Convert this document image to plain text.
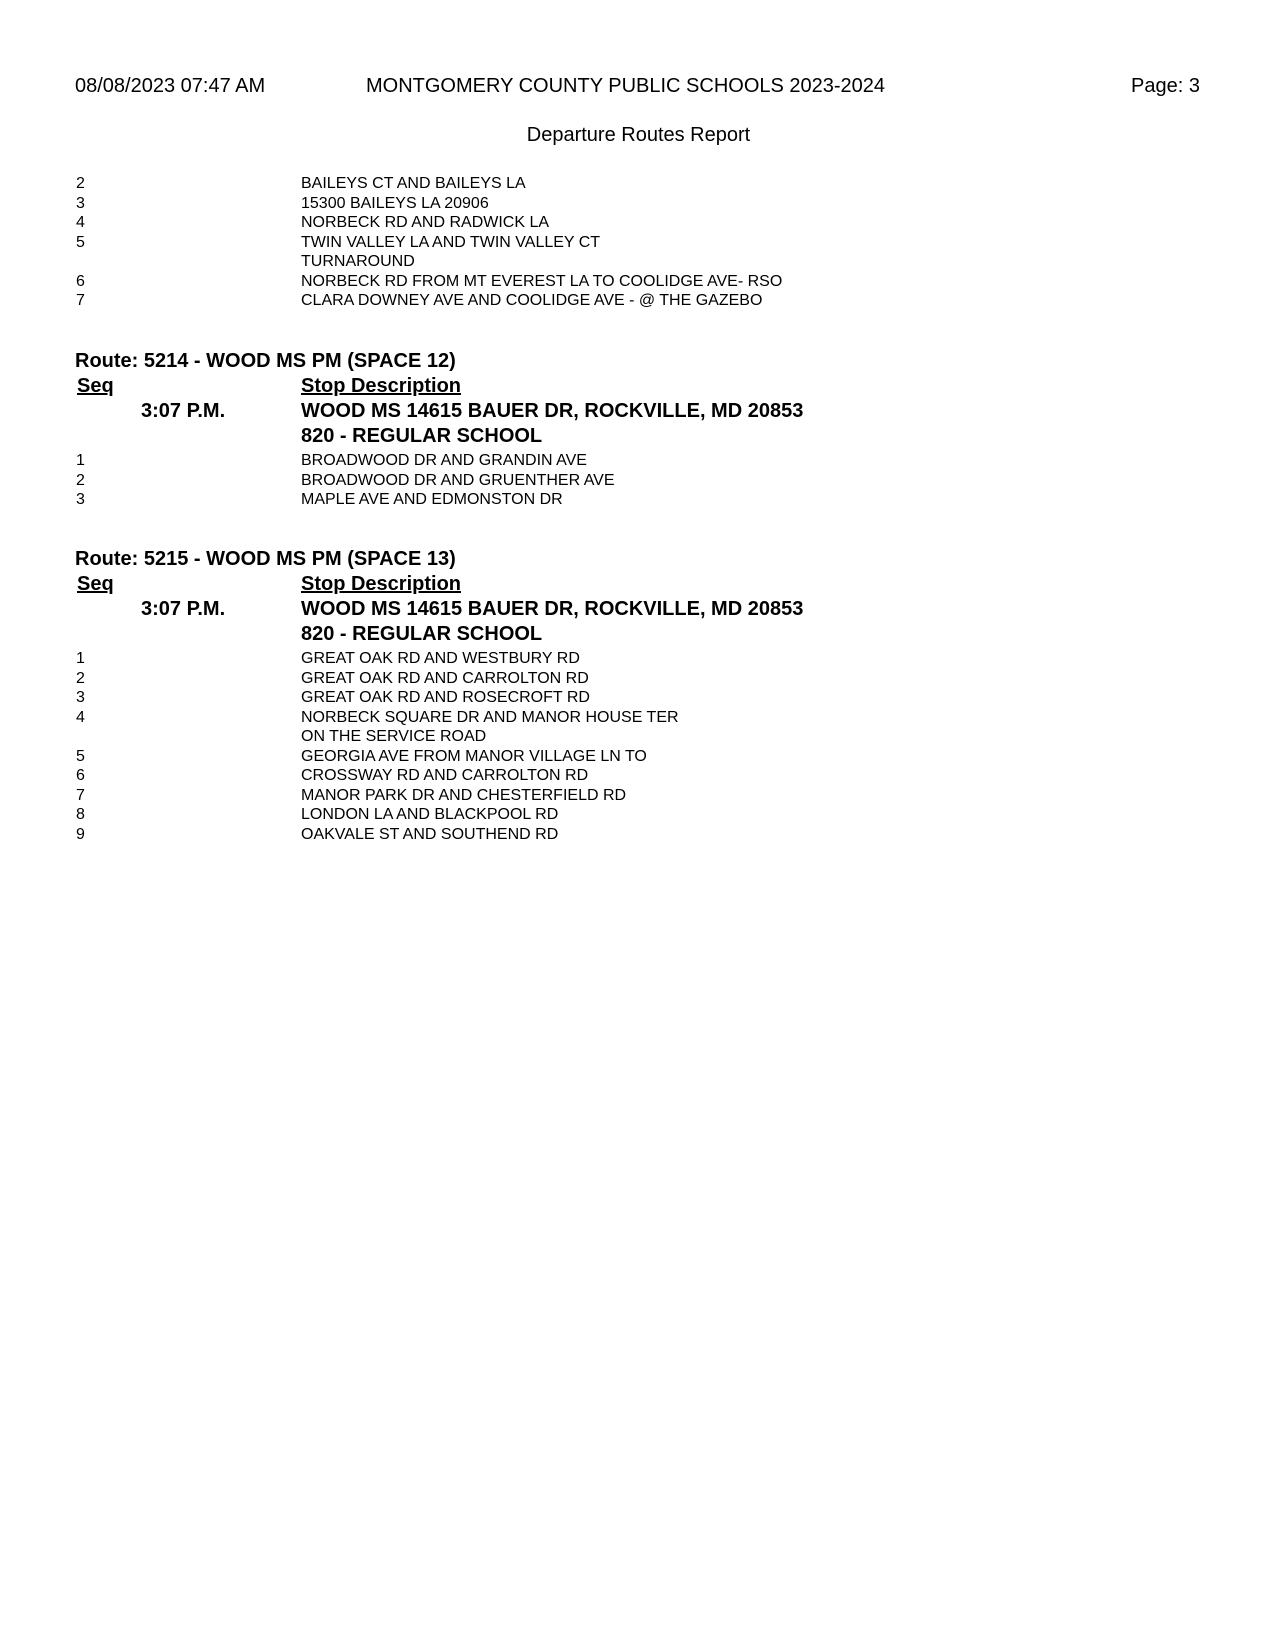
08/08/2023 07:47 AM	MONTGOMERY COUNTY PUBLIC SCHOOLS 2023-2024	Page: 3
Departure Routes Report
2	BAILEYS CT AND BAILEYS LA
3	15300 BAILEYS LA 20906
4	NORBECK RD AND RADWICK LA
5	TWIN VALLEY LA AND TWIN VALLEY CT
TURNAROUND
6	NORBECK RD FROM MT EVEREST LA TO COOLIDGE AVE- RSO
7	CLARA DOWNEY AVE AND COOLIDGE AVE - @ THE GAZEBO
Route: 5214 - WOOD MS PM (SPACE 12)
Seq	Stop Description
3:07 P.M.	WOOD MS 14615 BAUER DR, ROCKVILLE, MD 20853
820 - REGULAR SCHOOL
1	BROADWOOD DR AND GRANDIN AVE
2	BROADWOOD DR AND GRUENTHER AVE
3	MAPLE AVE AND EDMONSTON DR
Route: 5215 - WOOD MS PM (SPACE 13)
Seq	Stop Description
3:07 P.M.	WOOD MS 14615 BAUER DR, ROCKVILLE, MD 20853
820 - REGULAR SCHOOL
1	GREAT OAK RD AND WESTBURY RD
2	GREAT OAK RD AND CARROLTON RD
3	GREAT OAK RD AND ROSECROFT RD
4	NORBECK SQUARE DR AND MANOR HOUSE TER
ON THE SERVICE ROAD
5	GEORGIA AVE FROM MANOR VILLAGE LN TO
6	CROSSWAY RD AND CARROLTON RD
7	MANOR PARK DR AND CHESTERFIELD RD
8	LONDON LA AND BLACKPOOL RD
9	OAKVALE ST AND SOUTHEND RD
